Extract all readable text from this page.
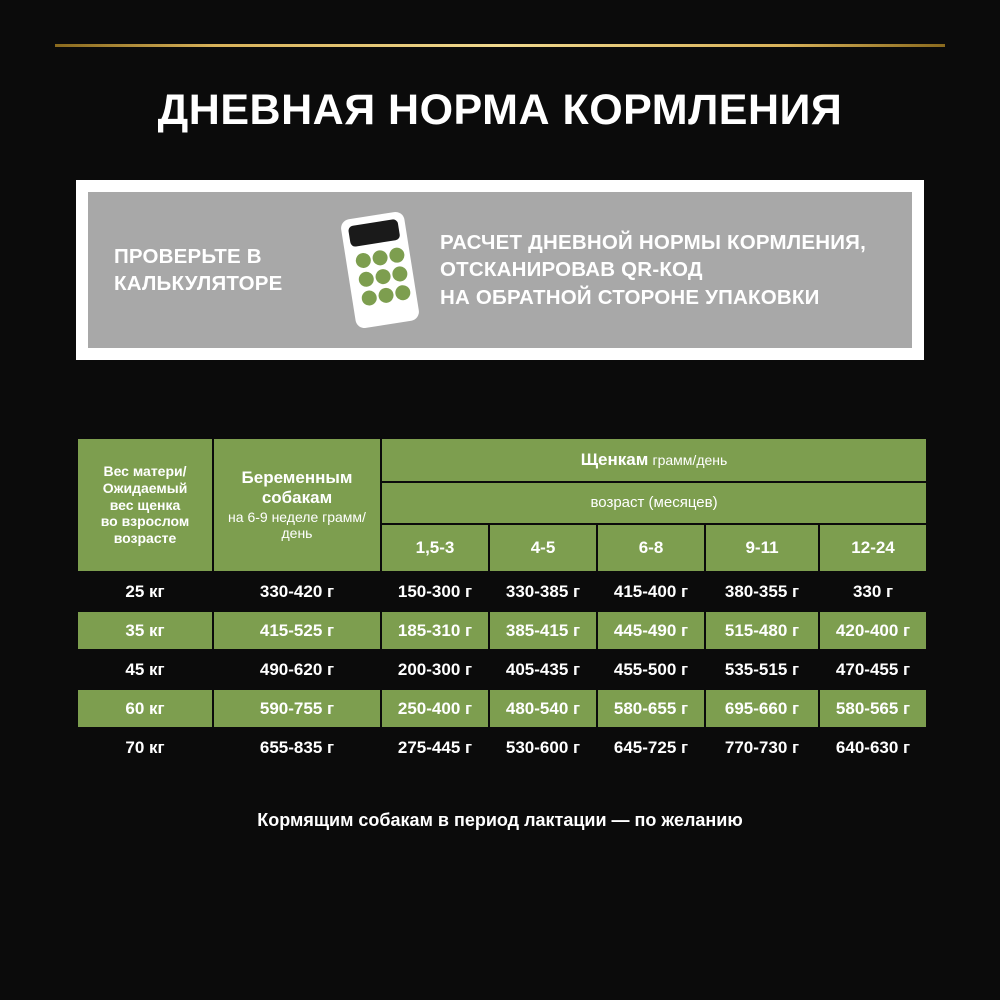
ДНЕВНАЯ НОРМА КОРМЛЕНИЯ
ПРОВЕРЬТЕ В КАЛЬКУЛЯТОРЕ
РАСЧЕТ ДНЕВНОЙ НОРМЫ КОРМЛЕНИЯ,
ОТСКАНИРОВАВ QR-КОД
НА ОБРАТНОЙ СТОРОНЕ УПАКОВКИ
Вес матери/
Ожидаемый
вес щенка
во взрослом
возрасте

Беременным собакам
на 6-9 неделе грамм/день
	Щенкам грамм/день
		возраст (месяцев)				
		1,5-3	4-5	6-8	9-11	12-24
25 кг	330-420 г	150-300 г	330-385 г	415-400 г	380-355 г	330 г
35 кг	415-525 г	185-310 г	385-415 г	445-490 г	515-480 г	420-400 г
45 кг	490-620 г	200-300 г	405-435 г	455-500 г	535-515 г	470-455 г
60 кг	590-755 г	250-400 г	480-540 г	580-655 г	695-660 г	580-565 г
70 кг	655-835 г	275-445 г	530-600 г	645-725 г	770-730 г	640-630 г
Кормящим собакам в период лактации — по желанию
